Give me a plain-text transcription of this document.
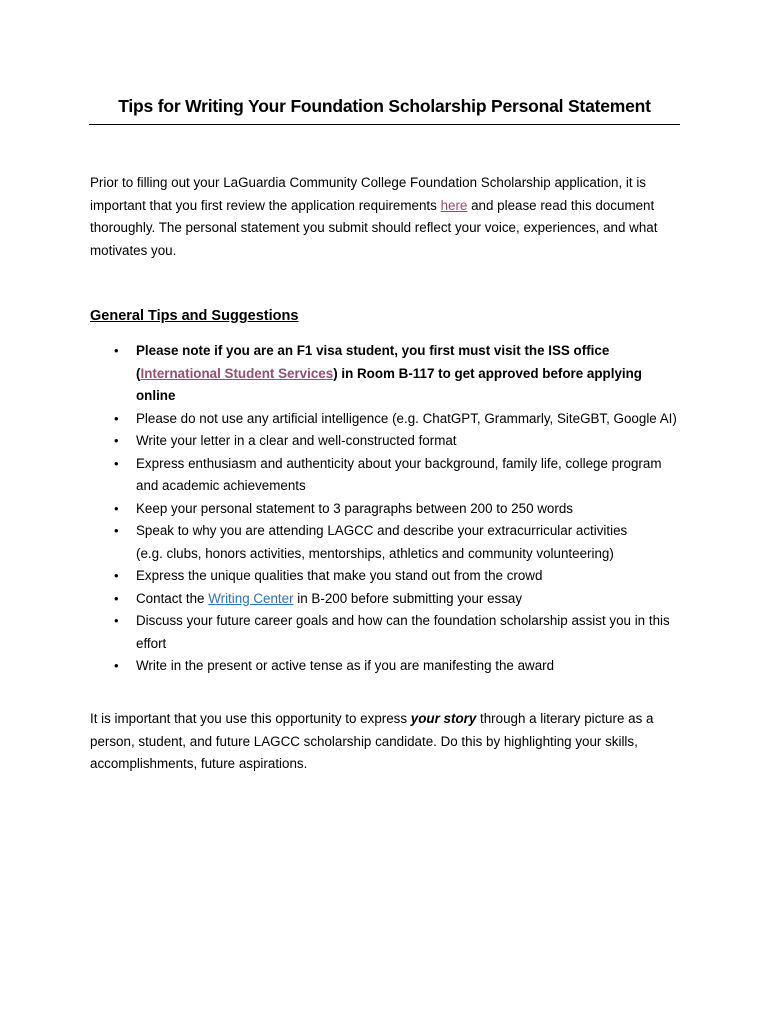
Tips for Writing Your Foundation Scholarship Personal Statement

Prior to filling out your LaGuardia Community College Foundation Scholarship application, it is important that you first review the application requirements here and please read this document thoroughly. The personal statement you submit should reflect your voice, experiences, and what motivates you.

General Tips and Suggestions
• Please note if you are an F1 visa student, you first must visit the ISS office (International Student Services) in Room B-117 to get approved before applying online
• Please do not use any artificial intelligence (e.g. ChatGPT, Grammarly, SiteGBT, Google AI)
• Write your letter in a clear and well-constructed format
• Express enthusiasm and authenticity about your background, family life, college program and academic achievements
• Keep your personal statement to 3 paragraphs between 200 to 250 words
• Speak to why you are attending LAGCC and describe your extracurricular activities
(e.g. clubs, honors activities, mentorships, athletics and community volunteering)
• Express the unique qualities that make you stand out from the crowd
• Contact the Writing Center in B-200 before submitting your essay
• Discuss your future career goals and how can the foundation scholarship assist you in this effort
• Write in the present or active tense as if you are manifesting the award

It is important that you use this opportunity to express your story through a literary picture as a person, student, and future LAGCC scholarship candidate. Do this by highlighting your skills, accomplishments, future aspirations.
